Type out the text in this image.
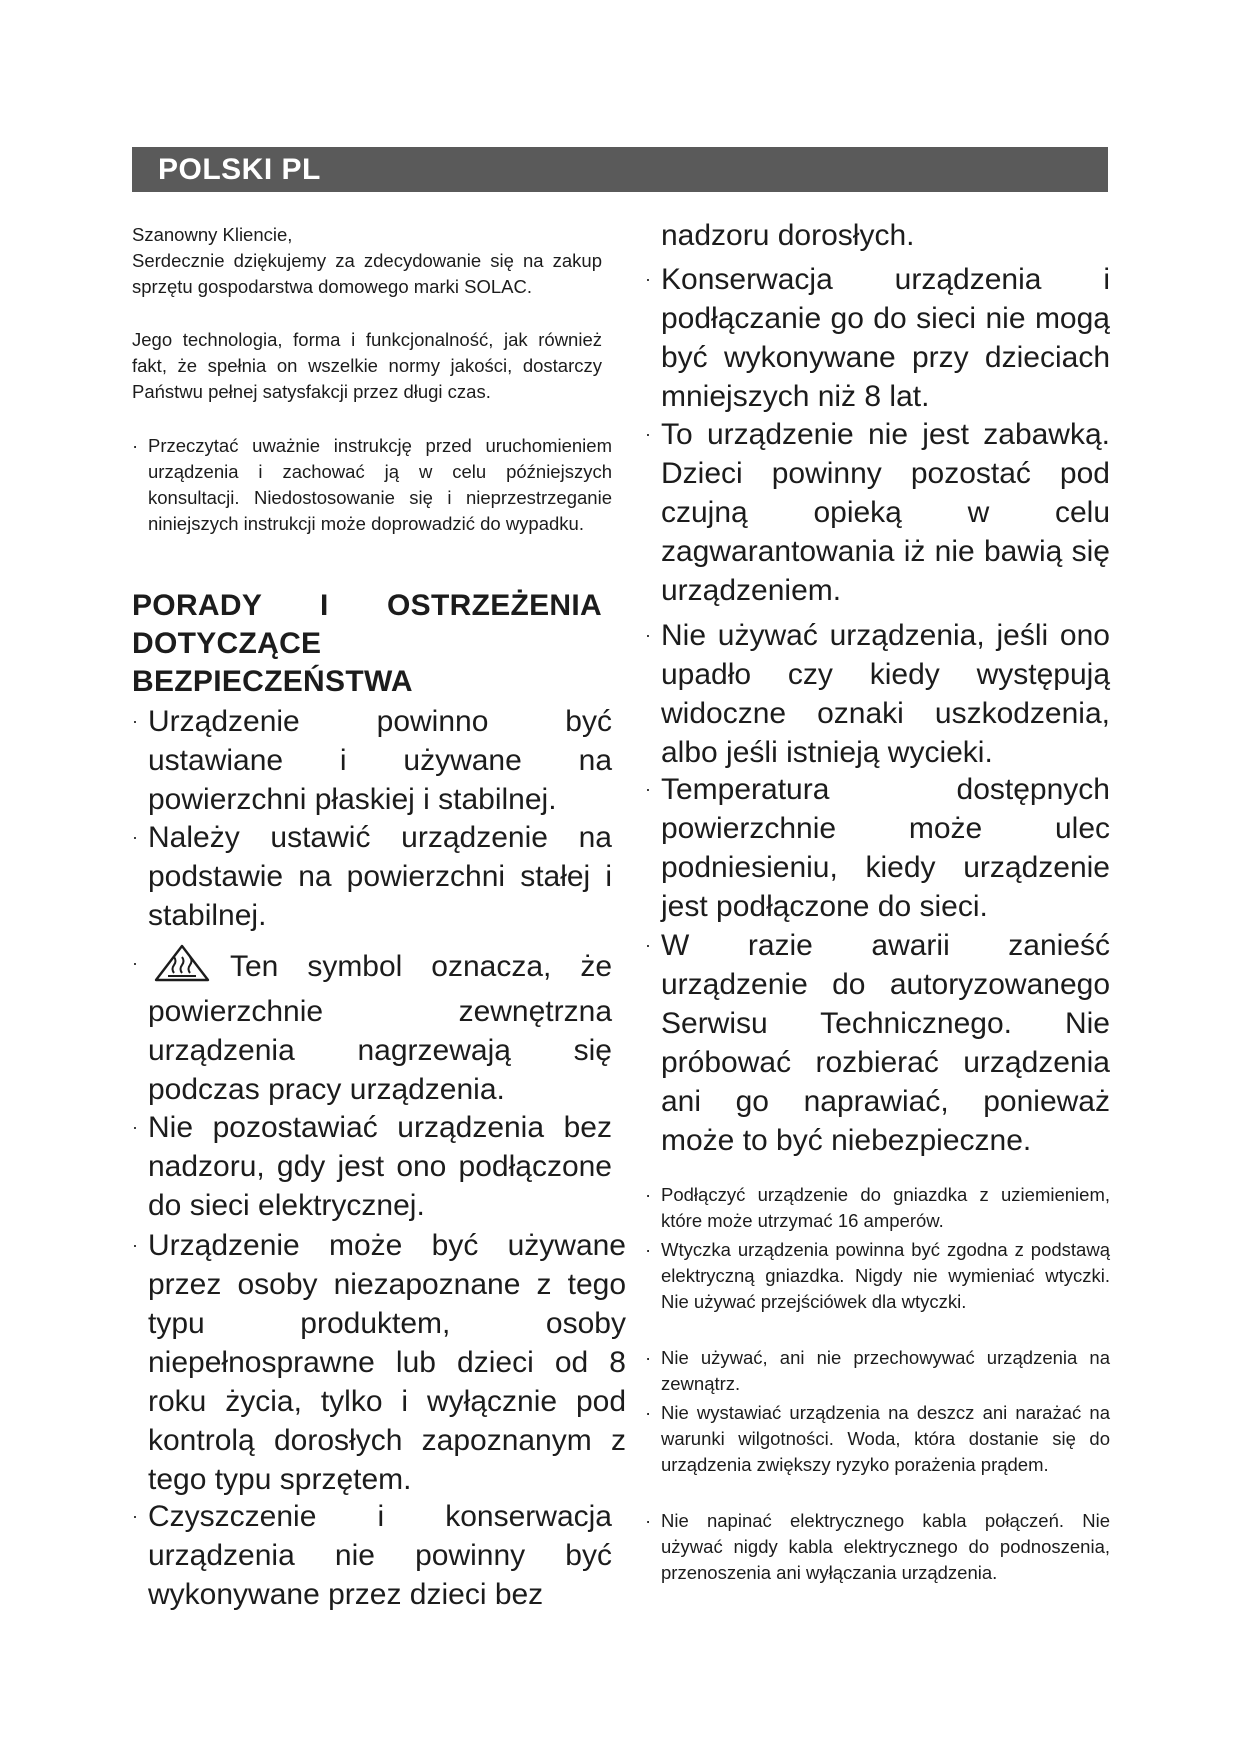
POLSKI PL
Szanowny Kliencie,
Serdecznie dziękujemy za zdecydowanie się na zakup sprzętu gospodarstwa domowego marki SOLAC.
Jego technologia, forma i funkcjonalność, jak również fakt, że spełnia on wszelkie normy jakości, dostarczy Państwu pełnej satysfakcji przez długi czas.
· Przeczytać uważnie instrukcję przed uruchomieniem urządzenia i zachować ją w celu późniejszych konsultacji. Niedostosowanie się i nieprzestrzeganie niniejszych instrukcji może doprowadzić do wypadku.
PORADY I OSTRZEŻENIA DOTYCZĄCE BEZPIECZEŃSTWA
· Urządzenie powinno być ustawiane i używane na powierzchni płaskiej i stabilnej.
· Należy ustawić urządzenie na podstawie na powierzchni stałej i stabilnej.
·	Ten symbol oznacza, że powierzchnie zewnętrzna urządzenia nagrzewają się podczas pracy urządzenia.
· Nie pozostawiać urządzenia bez nadzoru, gdy jest ono podłączone do sieci elektrycznej.
· Urządzenie może być używane przez osoby niezapoznane z tego typu produktem, osoby niepełnosprawne lub dzieci od 8 roku życia, tylko i wyłącznie pod kontrolą dorosłych zapoznanym z tego typu sprzętem.
· Czyszczenie i konserwacja urządzenia nie powinny być wykonywane przez dzieci bez
nadzoru dorosłych.
· Konserwacja urządzenia i podłączanie go do sieci nie mogą być wykonywane przy dzieciach mniejszych niż 8 lat.
· To urządzenie nie jest zabawką. Dzieci powinny pozostać pod czujną opieką w celu zagwarantowania iż nie bawią się urządzeniem.
· Nie używać urządzenia, jeśli ono upadło czy kiedy występują widoczne oznaki uszkodzenia, albo jeśli istnieją wycieki.
· Temperatura dostępnych powierzchnie może ulec podniesieniu, kiedy urządzenie jest podłączone do sieci.
· W razie awarii zanieść urządzenie do autoryzowanego Serwisu Technicznego. Nie próbować rozbierać urządzenia ani go naprawiać, ponieważ może to być niebezpieczne.
· Podłączyć urządzenie do gniazdka z uziemieniem, które może utrzymać 16 amperów.
· Wtyczka urządzenia powinna być zgodna z podstawą elektryczną gniazdka. Nigdy nie wymieniać wtyczki. Nie używać przejściówek dla wtyczki.
· Nie używać, ani nie przechowywać urządzenia na zewnątrz.
· Nie wystawiać urządzenia na deszcz ani narażać na warunki wilgotności. Woda, która dostanie się do urządzenia zwiększy ryzyko porażenia prądem.
· Nie napinać elektrycznego kabla połączeń. Nie używać nigdy kabla elektrycznego do podnoszenia, przenoszenia ani wyłączania urządzenia.
